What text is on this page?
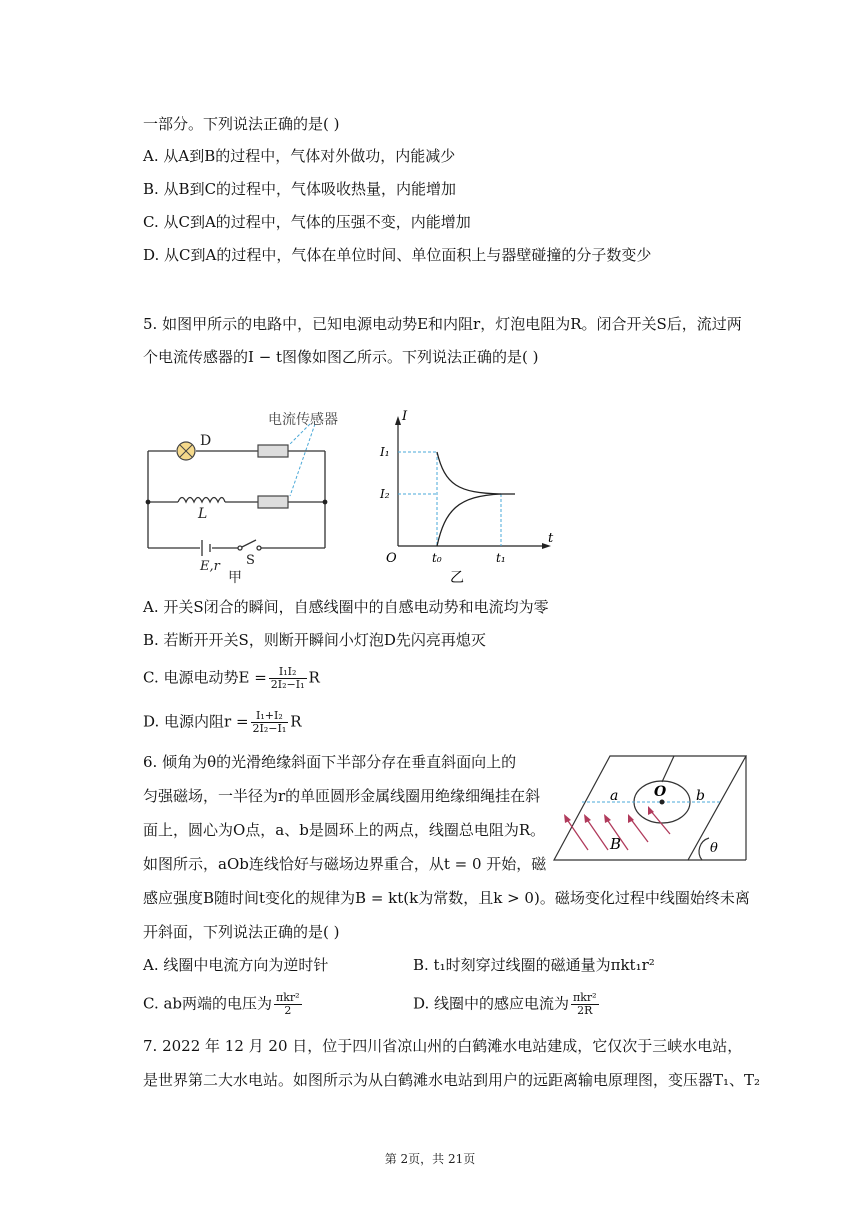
一部分。下列说法正确的是( )
A. 从A到B的过程中，气体对外做功，内能减少
B. 从B到C的过程中，气体吸收热量，内能增加
C. 从C到A的过程中，气体的压强不变，内能增加
D. 从C到A的过程中，气体在单位时间、单位面积上与器壁碰撞的分子数变少
5. 如图甲所示的电路中，已知电源电动势E和内阻r，灯泡电阻为R。闭合开关S后，流过两
个电流传感器的I − t图像如图乙所示。下列说法正确的是( )
电流传感器
D
L
E,r S
甲
I
t
I₁
I₂
O	t₀	t₁
乙
A. 开关S闭合的瞬间，自感线圈中的自感电动势和电流均为零
B. 若断开开关S，则断开瞬间小灯泡D先闪亮再熄灭
C. 电源电动势$E = \frac{\text{I₁I₂}}{\text{2I₂−I₁}}$ R
D. 电源内阻$r = \frac{\text{I₁+I₂}}{\text{2I₂−I₁}}$ R
6. 倾角为θ的光滑绝缘斜面下半部分存在垂直斜面向上的
匀强磁场，一半径为r的单匝圆形金属线圈用绝缘细绳挂在斜
面上，圆心为O点，a、b是圆环上的两点，线圈总电阻为R。
如图所示，aOb连线恰好与磁场边界重合，从t = 0 开始，磁
感应强度B随时间t变化的规律为B = kt(k为常数，且k > 0)。磁场变化过程中线圈始终未离
开斜面，下列说法正确的是( )
a	O b
B	θ
A. 线圈中电流方向为逆时针	B. t₁时刻穿过线圈的磁通量为πkt₁r²
C. ab两端的电压为 $\frac{\text{πkr²}}{2}$	D. 线圈中的感应电流为 $\frac{\text{πkr²}}{2R}$
7. 2022 年 12 月 20 日，位于四川省凉山州的白鹤滩水电站建成，它仅次于三峡水电站，
是世界第二大水电站。如图所示为从白鹤滩水电站到用户的远距离输电原理图，变压器T₁、T₂
第 2页，共 21页
